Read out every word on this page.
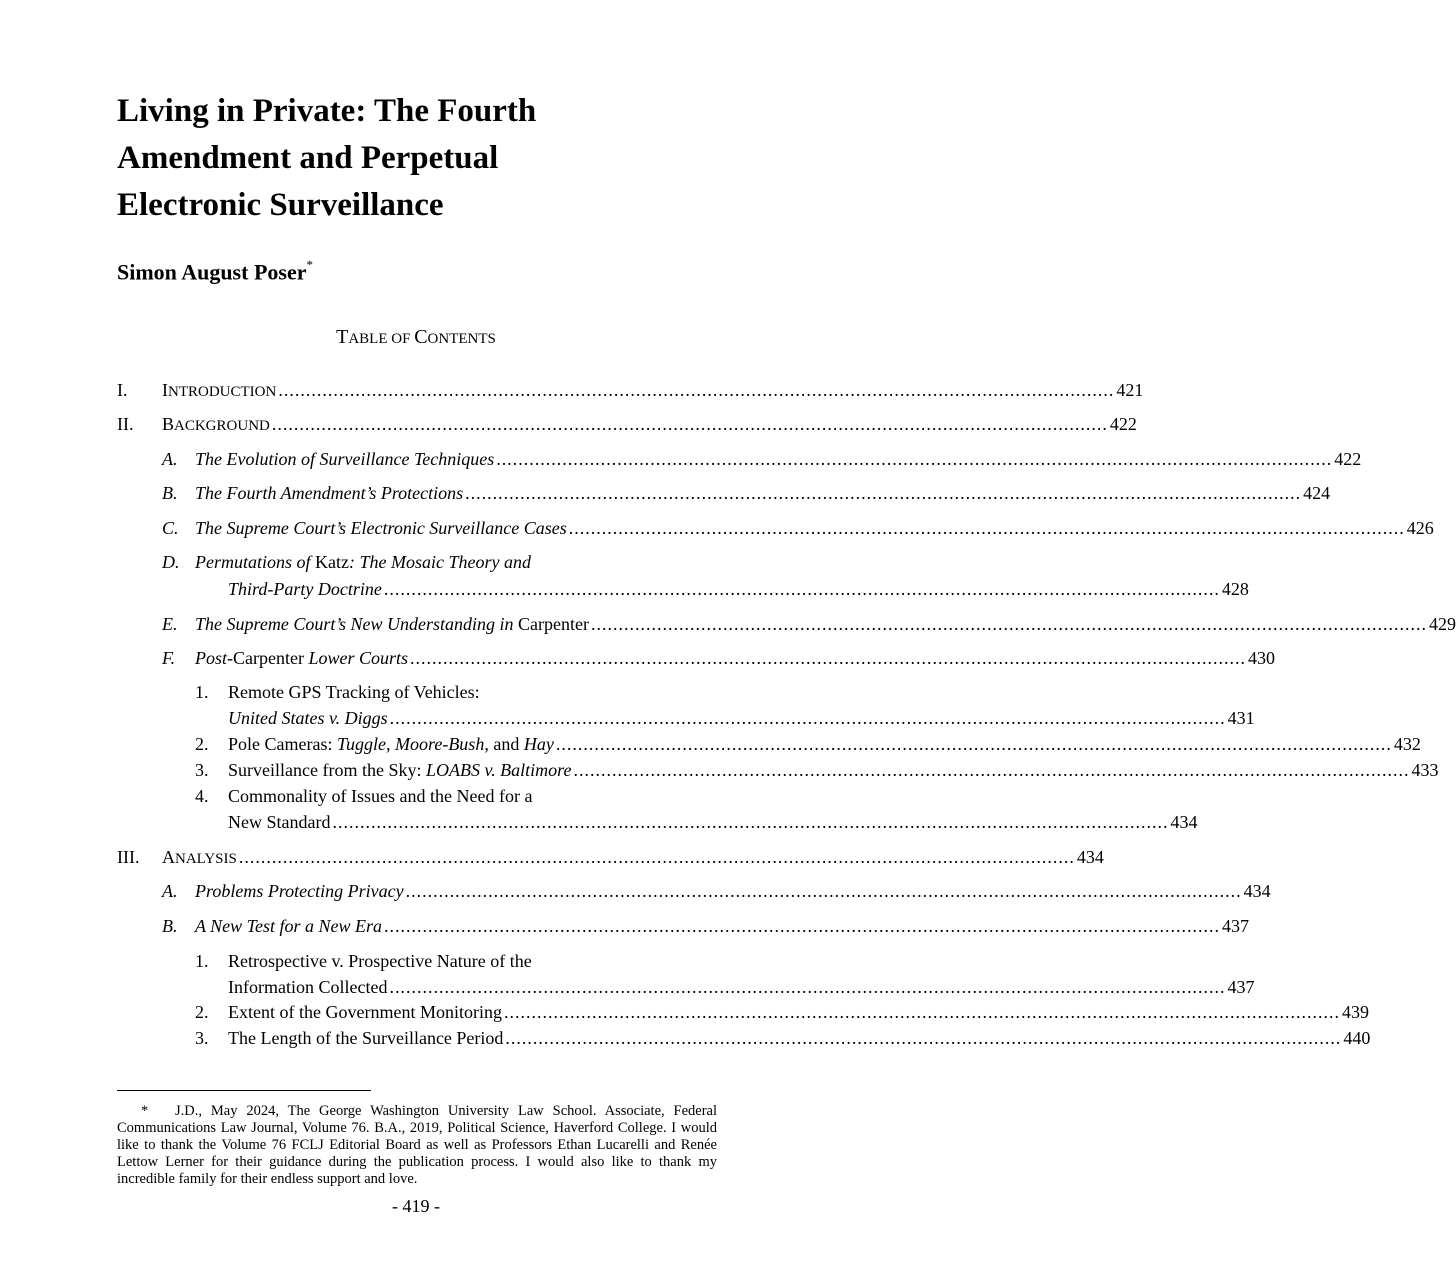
Living in Private: The Fourth
Amendment and Perpetual
Electronic Surveillance
Simon August Poser*
TABLE OF CONTENTS
I. INTRODUCTION ........................................................................................................................................................ 421
II. BACKGROUND ........................................................................................................................................................ 422
A. The Evolution of Surveillance Techniques ........................................................................................................................................................ 422
B. The Fourth Amendment’s Protections ........................................................................................................................................................ 424
C. The Supreme Court’s Electronic Surveillance Cases ........................................................................................................................................................ 426
D. Permutations of Katz: The Mosaic Theory and
Third-Party Doctrine ........................................................................................................................................................ 428
E. The Supreme Court’s New Understanding in Carpenter ........................................................................................................................................................ 429
F. Post-Carpenter Lower Courts ........................................................................................................................................................ 430
1. Remote GPS Tracking of Vehicles:
United States v. Diggs ........................................................................................................................................................ 431
2. Pole Cameras: Tuggle, Moore-Bush, and Hay ........................................................................................................................................................ 432
3. Surveillance from the Sky: LOABS v. Baltimore ........................................................................................................................................................ 433
4. Commonality of Issues and the Need for a
New Standard ........................................................................................................................................................ 434
III. ANALYSIS ........................................................................................................................................................ 434
A. Problems Protecting Privacy ........................................................................................................................................................ 434
B. A New Test for a New Era ........................................................................................................................................................ 437
1. Retrospective v. Prospective Nature of the
Information Collected ........................................................................................................................................................ 437
2. Extent of the Government Monitoring ........................................................................................................................................................ 439
3. The Length of the Surveillance Period ........................................................................................................................................................ 440
* J.D., May 2024, The George Washington University Law School. Associate, Federal Communications Law Journal, Volume 76. B.A., 2019, Political Science, Haverford College. I would like to thank the Volume 76 FCLJ Editorial Board as well as Professors Ethan Lucarelli and Renée Lettow Lerner for their guidance during the publication process. I would also like to thank my incredible family for their endless support and love.
- 419 -
